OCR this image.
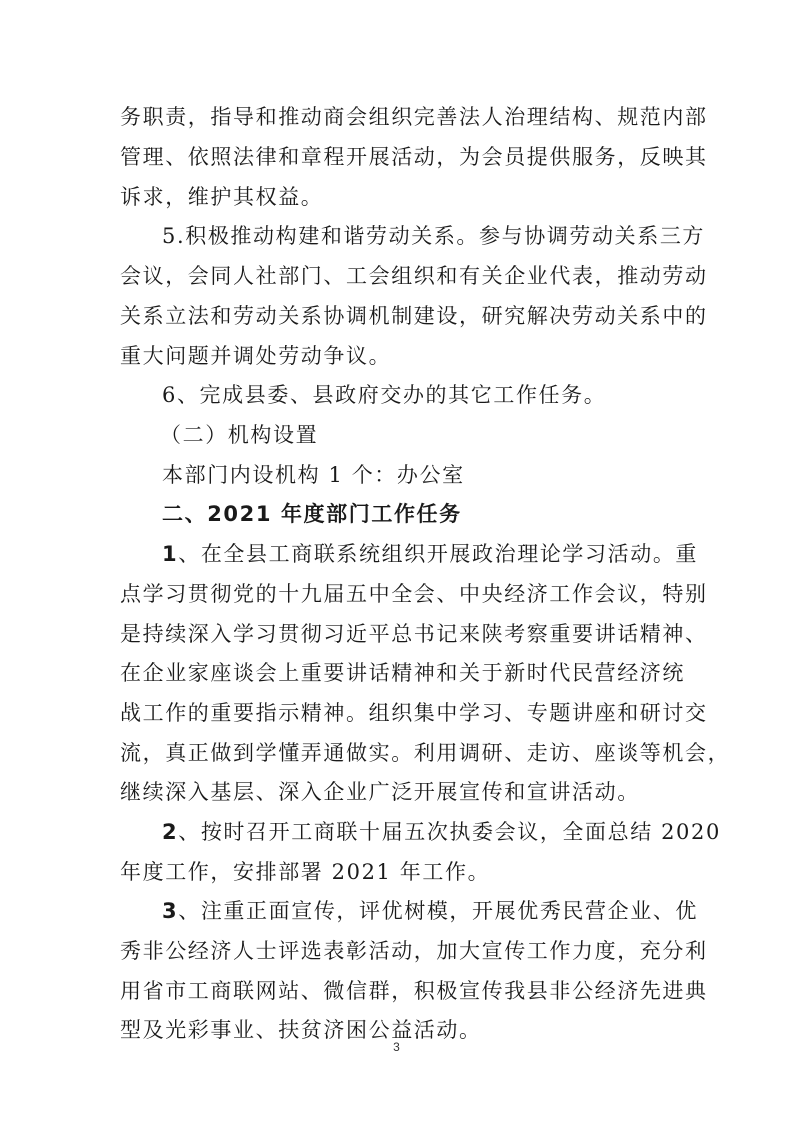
务职责，指导和推动商会组织完善法人治理结构、规范内部
管理、依照法律和章程开展活动，为会员提供服务，反映其
诉求，维护其权益。
5.积极推动构建和谐劳动关系。参与协调劳动关系三方
会议，会同人社部门、工会组织和有关企业代表，推动劳动
关系立法和劳动关系协调机制建设，研究解决劳动关系中的
重大问题并调处劳动争议。
6、完成县委、县政府交办的其它工作任务。
（二）机构设置
本部门内设机构 1 个：办公室
二、2021 年度部门工作任务
1、在全县工商联系统组织开展政治理论学习活动。重
点学习贯彻党的十九届五中全会、中央经济工作会议，特别
是持续深入学习贯彻习近平总书记来陕考察重要讲话精神、
在企业家座谈会上重要讲话精神和关于新时代民营经济统
战工作的重要指示精神。组织集中学习、专题讲座和研讨交
流，真正做到学懂弄通做实。利用调研、走访、座谈等机会，
继续深入基层、深入企业广泛开展宣传和宣讲活动。
2、按时召开工商联十届五次执委会议，全面总结 2020
年度工作，安排部署 2021 年工作。
3、注重正面宣传，评优树模，开展优秀民营企业、优
秀非公经济人士评选表彰活动，加大宣传工作力度，充分利
用省市工商联网站、微信群，积极宣传我县非公经济先进典
型及光彩事业、扶贫济困公益活动。
3
